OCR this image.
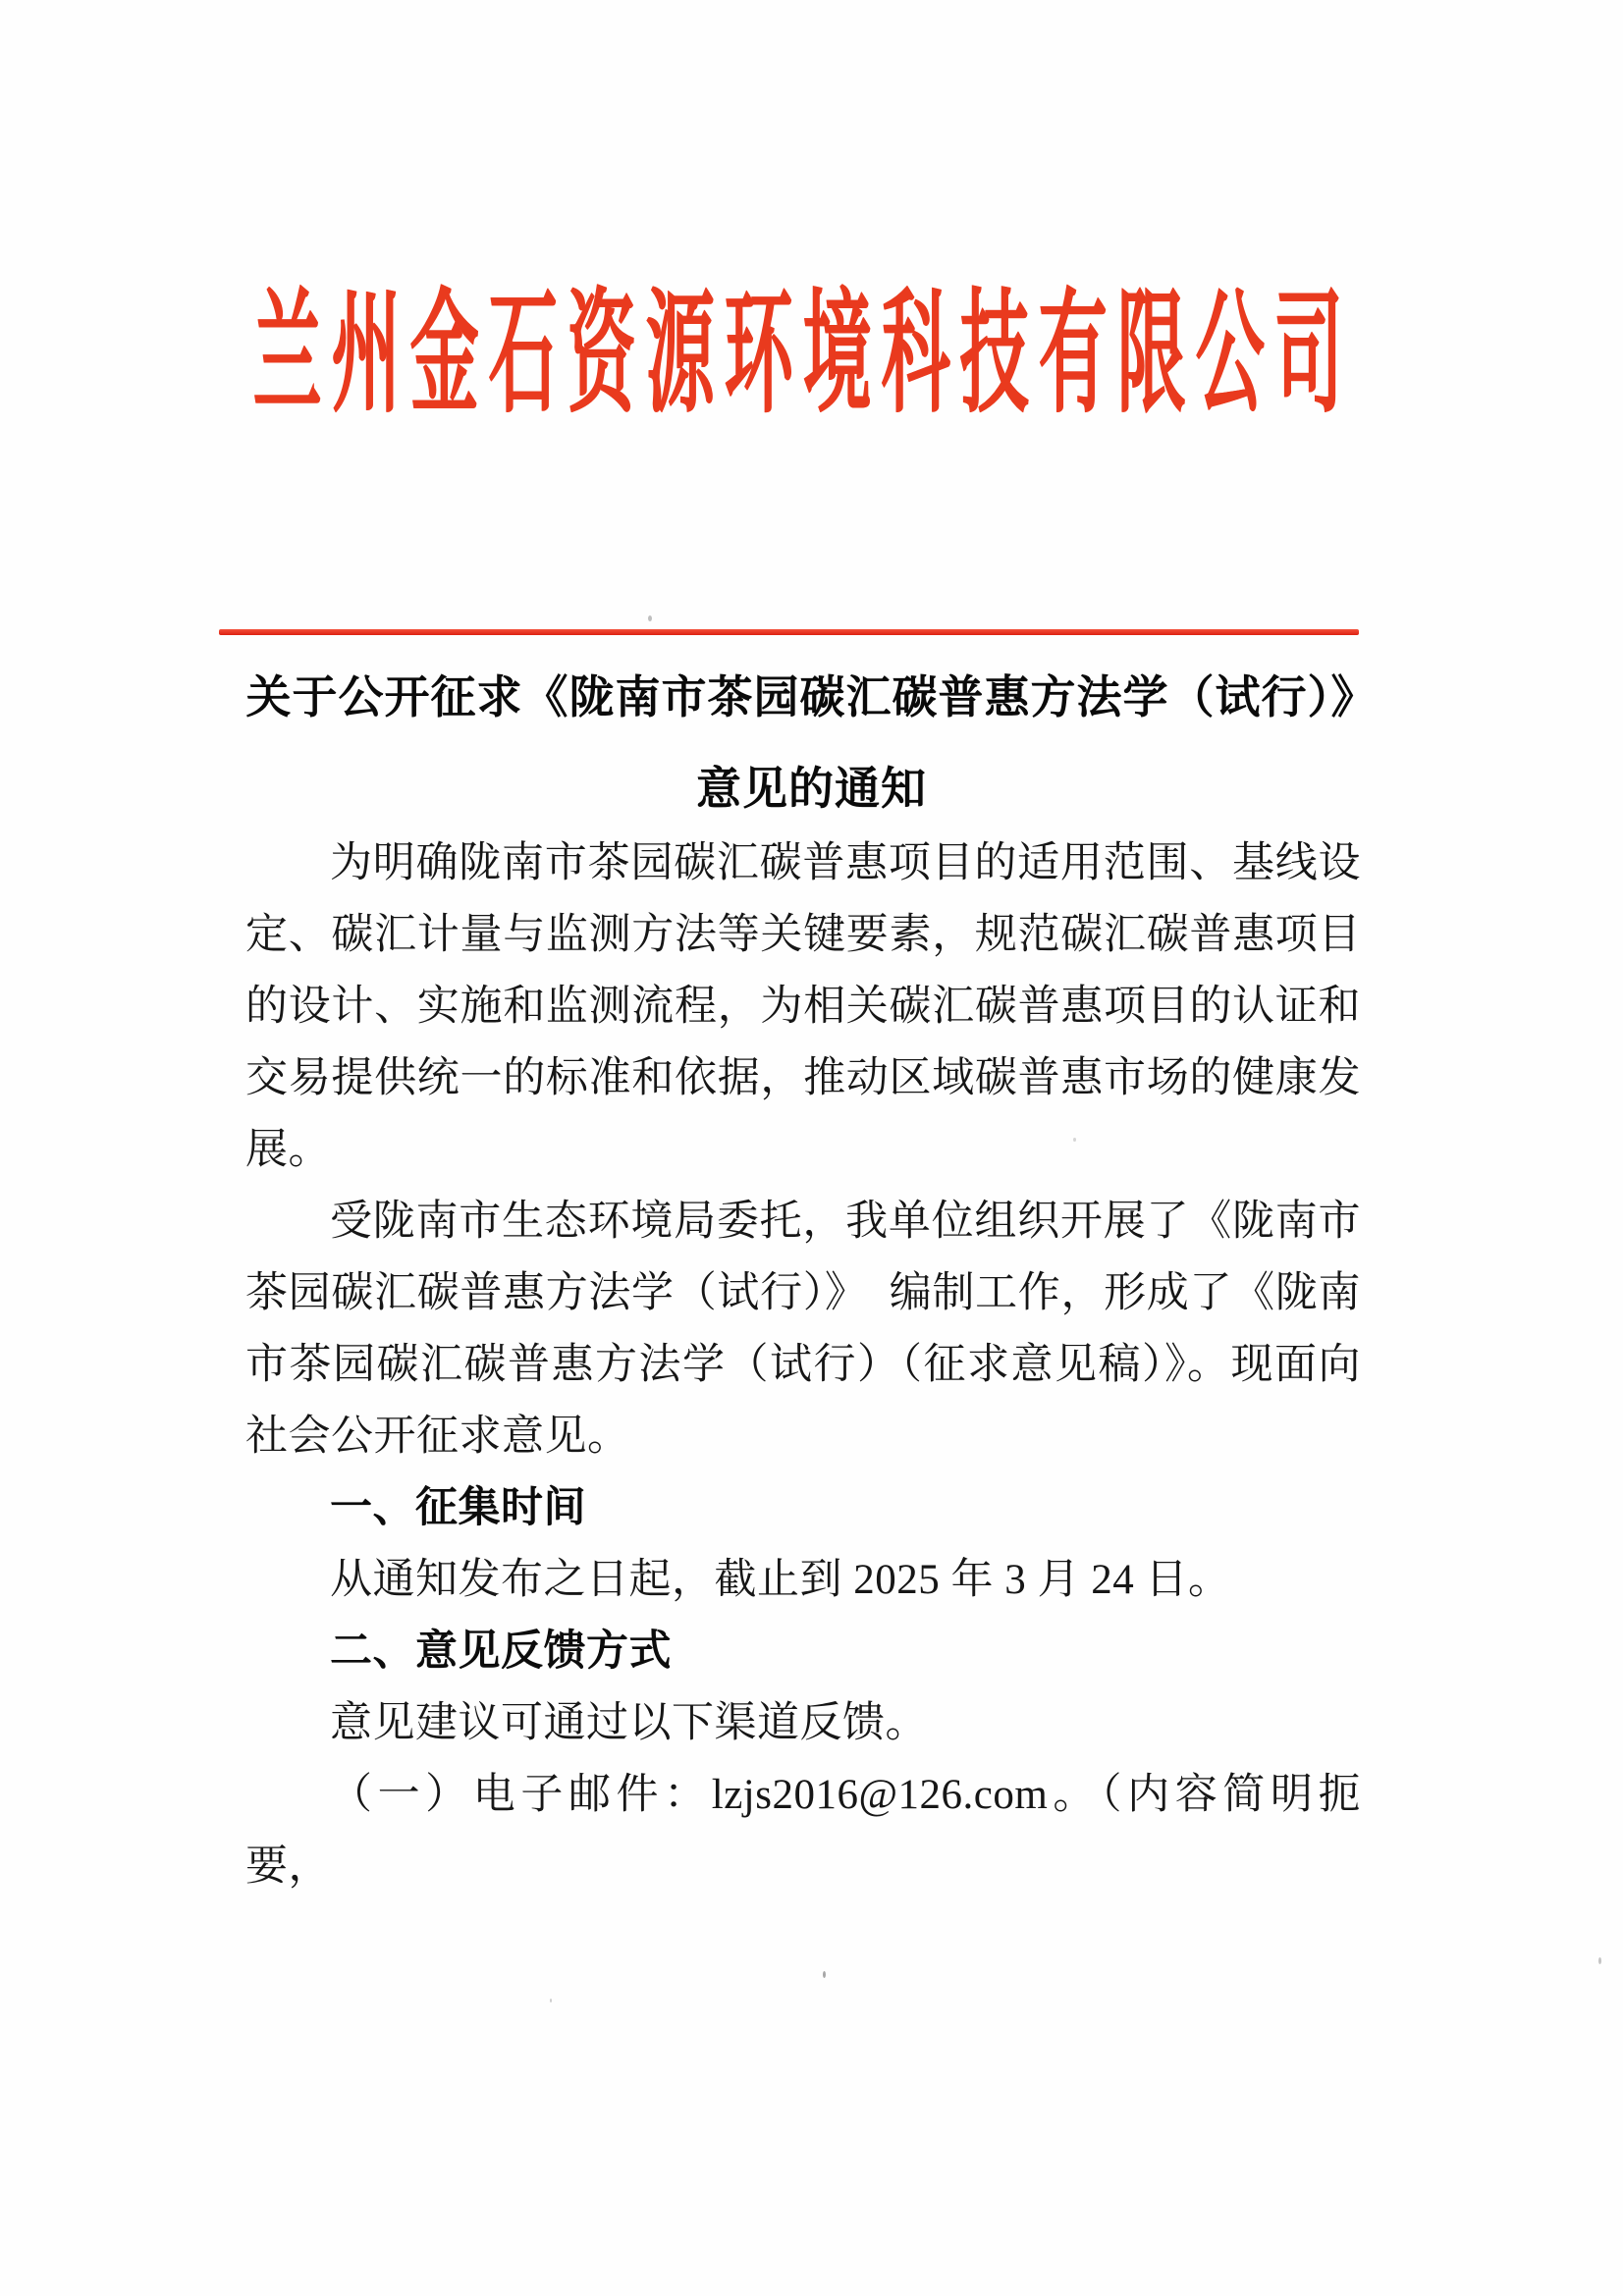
兰州金石资源环境科技有限公司
关于公开征求《陇南市茶园碳汇碳普惠方法学（试行）》
意见的通知

为明确陇南市茶园碳汇碳普惠项目的适用范围、基线设定、碳汇计量与监测方法等关键要素，规范碳汇碳普惠项目的设计、实施和监测流程，为相关碳汇碳普惠项目的认证和交易提供统一的标准和依据，推动区域碳普惠市场的健康发展。

受陇南市生态环境局委托，我单位组织开展了《陇南市茶园碳汇碳普惠方法学（试行）》　编制工作，形成了《陇南市茶园碳汇碳普惠方法学（试行）（征求意见稿）》。现面向社会公开征求意见。

一、征集时间

从通知发布之日起，截止到 2025 年 3 月 24 日。

二、意见反馈方式

意见建议可通过以下渠道反馈。

（一）电子邮件：lzjs2016@126.com。（内容简明扼要，
